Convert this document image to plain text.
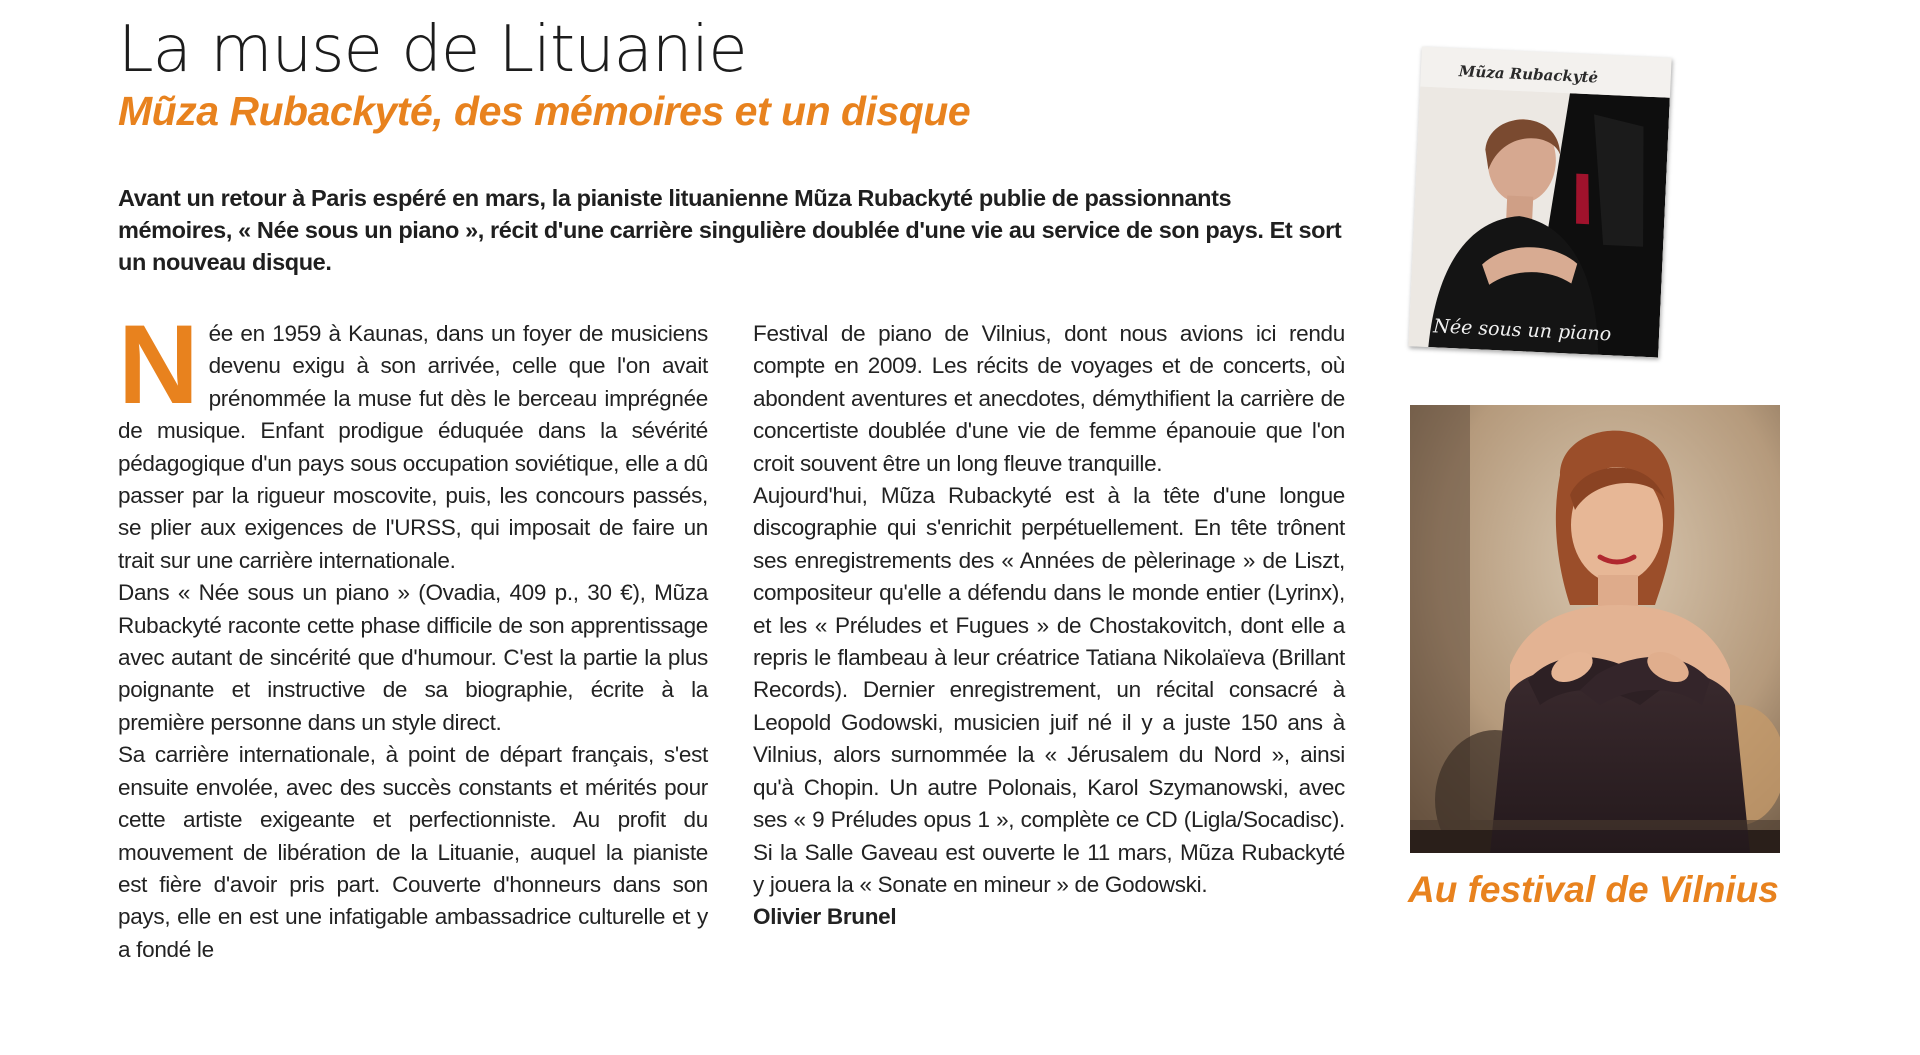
La muse de Lituanie
Mũza Rubackyté, des mémoires et un disque

Avant un retour à Paris espéré en mars, la pianiste lituanienne Mũza Rubackyté publie de passionnants mémoires, « Née sous un piano », récit d'une carrière singulière doublée d'une vie au service de son pays. Et sort un nouveau disque.

Née en 1959 à Kaunas, dans un foyer de musiciens devenu exigu à son arrivée, celle que l'on avait prénommée la muse fut dès le berceau imprégnée de musique. Enfant prodigue éduquée dans la sévérité pédagogique d'un pays sous occupation soviétique, elle a dû passer par la rigueur moscovite, puis, les concours passés, se plier aux exigences de l'URSS, qui imposait de faire un trait sur une carrière internationale.

Dans « Née sous un piano » (Ovadia, 409 p., 30 €), Mũza Rubackyté raconte cette phase difficile de son apprentissage avec autant de sincérité que d'humour. C'est la partie la plus poignante et instructive de sa biographie, écrite à la première personne dans un style direct.

Sa carrière internationale, à point de départ français, s'est ensuite envolée, avec des succès constants et mérités pour cette artiste exigeante et perfectionniste. Au profit du mouvement de libération de la Lituanie, auquel la pianiste est fière d'avoir pris part. Couverte d'honneurs dans son pays, elle en est une infatigable ambassadrice culturelle et y a fondé le

Festival de piano de Vilnius, dont nous avions ici rendu compte en 2009. Les récits de voyages et de concerts, où abondent aventures et anecdotes, démythifient la carrière de concertiste doublée d'une vie de femme épanouie que l'on croit souvent être un long fleuve tranquille.

Aujourd'hui, Mũza Rubackyté est à la tête d'une longue discographie qui s'enrichit perpétuellement. En tête trônent ses enregistrements des « Années de pèlerinage » de Liszt, compositeur qu'elle a défendu dans le monde entier (Lyrinx), et les « Préludes et Fugues » de Chostakovitch, dont elle a repris le flambeau à leur créatrice Tatiana Nikolaïeva (Brillant Records). Dernier enregistrement, un récital consacré à Leopold Godowski, musicien juif né il y a juste 150 ans à Vilnius, alors surnommée la « Jérusalem du Nord », ainsi qu'à Chopin. Un autre Polonais, Karol Szymanowski, avec ses « 9 Préludes opus 1 », complète ce CD (Ligla/Socadisc). Si la Salle Gaveau est ouverte le 11 mars, Mũza Rubackyté y jouera la « Sonate en mineur » de Godowski.

Olivier Brunel

Mũza Rubackytė
Née sous un piano

Au festival de Vilnius
